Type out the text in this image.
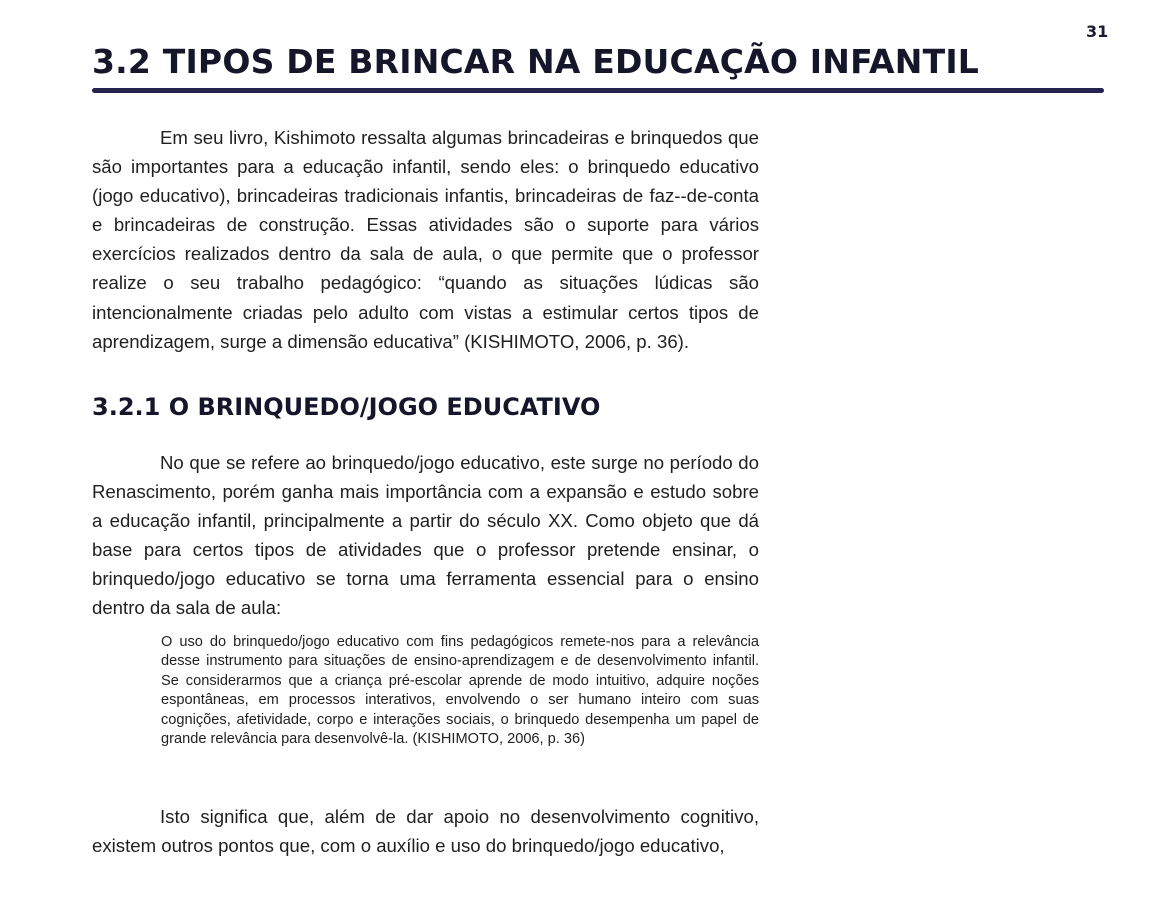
31
3.2 TIPOS DE BRINCAR NA EDUCAÇÃO INFANTIL

Em seu livro, Kishimoto ressalta algumas brincadeiras e brinquedos que são importantes para a educação infantil, sendo eles: o brinquedo educativo (jogo educativo), brincadeiras tradicionais infantis, brincadeiras de faz-‑de-conta e brincadeiras de construção. Essas atividades são o suporte para vários exercícios realizados dentro da sala de aula, o que permite que o professor realize o seu trabalho pedagógico: “quando as situações lúdicas são intencionalmente criadas pelo adulto com vistas a estimular certos tipos de aprendizagem, surge a dimensão educativa” (KISHIMOTO, 2006, p. 36).

3.2.1 O BRINQUEDO/JOGO EDUCATIVO

No que se refere ao brinquedo/jogo educativo, este surge no período do Renascimento, porém ganha mais importância com a expansão e estudo sobre a educação infantil, principalmente a partir do século XX. Como objeto que dá base para certos tipos de atividades que o professor pretende ensinar, o brinquedo/jogo educativo se torna uma ferramenta essencial para o ensino dentro da sala de aula:

O uso do brinquedo/jogo educativo com fins pedagógicos remete-nos para a relevância desse instrumento para situações de ensino-aprendizagem e de desenvolvimento infantil. Se considerarmos que a criança pré-escolar aprende de modo intuitivo, adquire noções espontâneas, em processos interativos, envolvendo o ser humano inteiro com suas cognições, afetividade, corpo e interações sociais, o brinquedo desempenha um papel de grande relevância para desenvolvê-la. (KISHIMOTO, 2006, p. 36)

Isto significa que, além de dar apoio no desenvolvimento cognitivo, existem outros pontos que, com o auxílio e uso do brinquedo/jogo educativo,
